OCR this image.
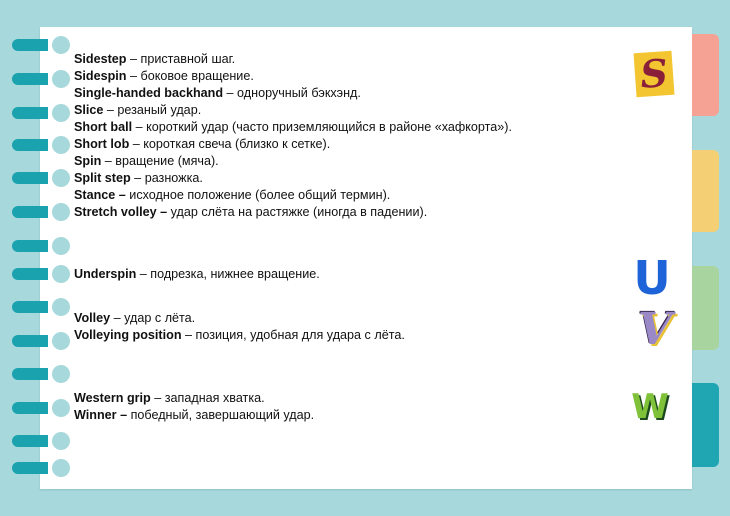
Sidestep – приставной шаг.

Sidespin – боковое вращение.

Single-handed backhand – одноручный бэкхэнд.

Slice – резаный удар.

Short ball – короткий удар (часто приземляющийся в районе «хафкорта»).

Short lob – короткая свеча (близко к сетке).

Spin – вращение (мяча).

Split step – разножка.

Stance – исходное положение (более общий термин).

Stretch volley – удар слёта на растяжке (иногда в падении).

Underspin – подрезка, нижнее вращение.

Volley – удар с лёта.

Volleying position – позиция, удобная для удара с лёта.

Western grip – западная хватка.

Winner – победный, завершающий удар.

S
U
V
W
